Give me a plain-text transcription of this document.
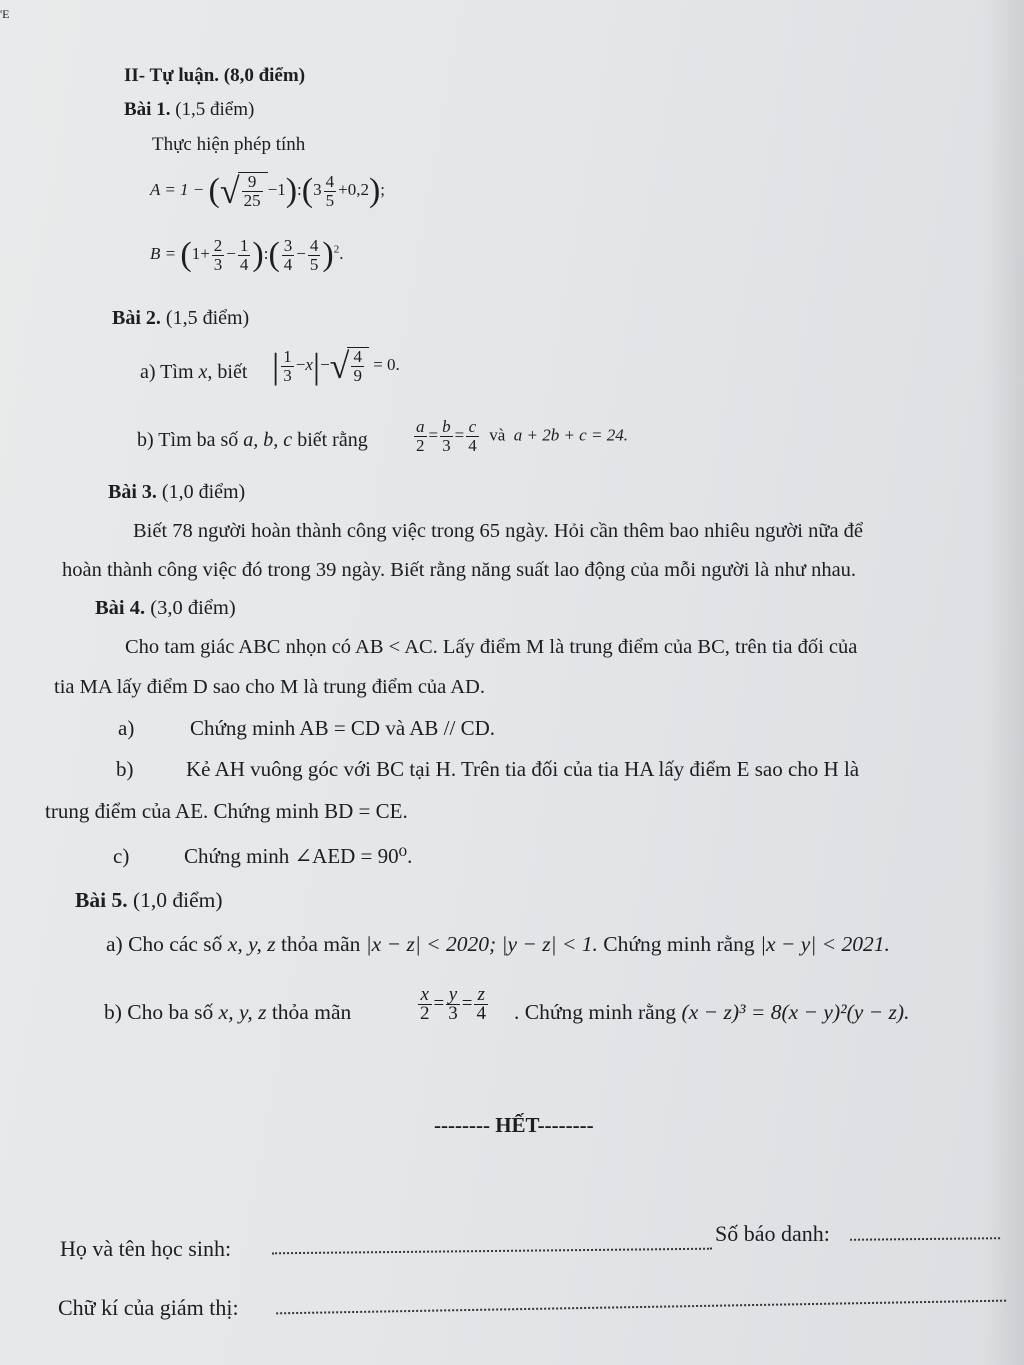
'E
II- Tự luận. (8,0 điểm)
Bài 1. (1,5 điểm)
Thực hiện phép tính
A = 1 − (√ $\frac{9}{25}$ −1):(3 $\frac{4}{5} +0,2$);
$B = (1+ \frac{2}{3} - \frac{1}{4}$ ):( $\frac{3}{4} - \frac{4}{5} )^2$.
Bài 2. (1,5 điểm)
a) Tìm x, biết | $\frac{1}{3} -x|-√ \frac{4}{9} = 0$.
b) Tìm ba số a, b, c biết rằng	$\frac{a}{2} = \frac{b}{3} = \frac{c}{4}$ và a + 2b + c = 24.
Bài 3. (1,0 điểm)
Biết 78 người hoàn thành công việc trong 65 ngày. Hỏi cần thêm bao nhiêu người nữa để
hoàn thành công việc đó trong 39 ngày. Biết rằng năng suất lao động của mỗi người là như nhau.
Bài 4. (3,0 điểm)
Cho tam giác ABC nhọn có AB < AC. Lấy điểm M là trung điểm của BC, trên tia đối của
tia MA lấy điểm D sao cho M là trung điểm của AD.
a)	Chứng minh AB = CD và AB // CD.
b)	Kẻ AH vuông góc với BC tại H. Trên tia đối của tia HA lấy điểm E sao cho H là
trung điểm của AE. Chứng minh BD = CE.
c)	Chứng minh ∠AED = 90⁰.
Bài 5. (1,0 điểm)
a) Cho các số x, y, z thỏa mãn |x − z| < 2020; |y − z| < 1. Chứng minh rằng |x − y| < 2021.
b) Cho ba số x, y, z thỏa mãn	$\frac{x}{2} = \frac{y}{3} = \frac{z}{4}$ . Chứng minh rằng (x − z)³ = 8(x − y)²(y − z).
-------- HẾT--------
Họ và tên học sinh:
Số báo danh:
Chữ kí của giám thị:
